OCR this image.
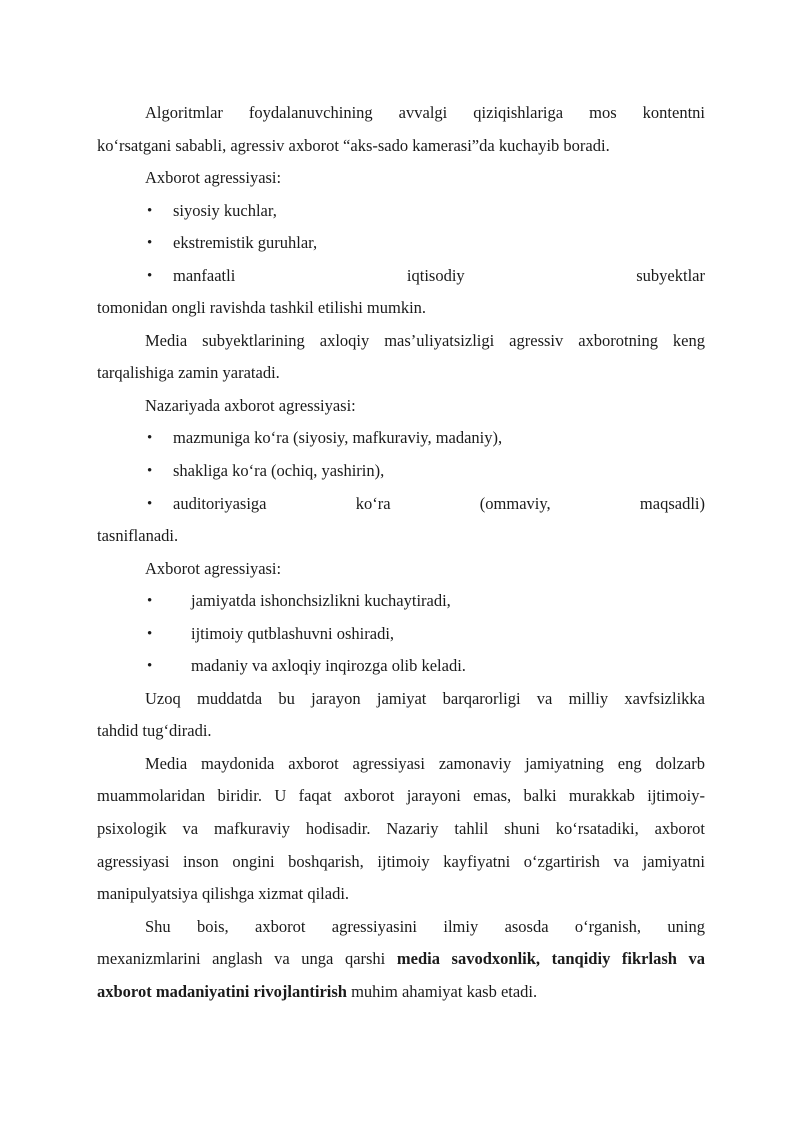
Algoritmlar foydalanuvchining avvalgi qiziqishlariga mos kontentni
ko‘rsatgani sababli, agressiv axborot “aks-sado kamerasi”da kuchayib boradi.
Axborot agressiyasi:
• siyosiy kuchlar,
• ekstremistik guruhlar,
• manfaatli iqtisodiy subyektlar
tomonidan ongli ravishda tashkil etilishi mumkin.
Media subyektlarining axloqiy mas’uliyatsizligi agressiv axborotning keng
tarqalishiga zamin yaratadi.
Nazariyada axborot agressiyasi:
• mazmuniga ko‘ra (siyosiy, mafkuraviy, madaniy),
• shakliga ko‘ra (ochiq, yashirin),
• auditoriyasiga ko‘ra (ommaviy, maqsadli)
tasniflanadi.
Axborot agressiyasi:
• jamiyatda ishonchsizlikni kuchaytiradi,
• ijtimoiy qutblashuvni oshiradi,
• madaniy va axloqiy inqirozga olib keladi.
Uzoq muddatda bu jarayon jamiyat barqarorligi va milliy xavfsizlikka
tahdid tug‘diradi.
Media maydonida axborot agressiyasi zamonaviy jamiyatning eng dolzarb
muammolaridan biridir. U faqat axborot jarayoni emas, balki murakkab ijtimoiy-
psixologik va mafkuraviy hodisadir. Nazariy tahlil shuni ko‘rsatadiki, axborot
agressiyasi inson ongini boshqarish, ijtimoiy kayfiyatni o‘zgartirish va jamiyatni
manipulyatsiya qilishga xizmat qiladi.
Shu bois, axborot agressiyasini ilmiy asosda o‘rganish, uning
mexanizmlarini anglash va unga qarshi media savodxonlik, tanqidiy fikrlash va
axborot madaniyatini rivojlantirish muhim ahamiyat kasb etadi.
